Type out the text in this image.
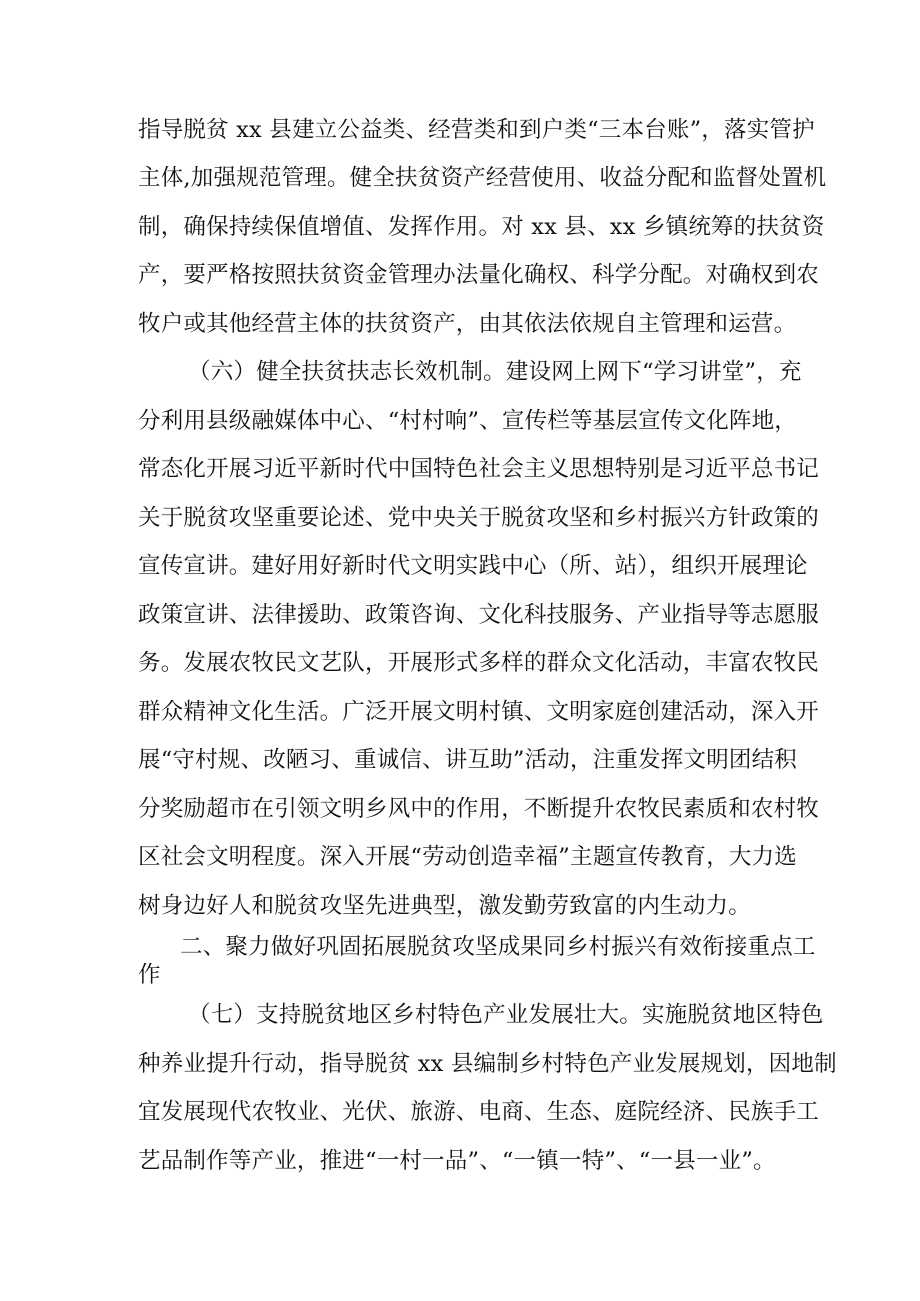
指导脱贫 xx 县建立公益类、经营类和到户类“三本台账”，落实管护
主体,加强规范管理。健全扶贫资产经营使用、收益分配和监督处置机
制，确保持续保值增值、发挥作用。对 xx 县、xx 乡镇统筹的扶贫资
产，要严格按照扶贫资金管理办法量化确权、科学分配。对确权到农
牧户或其他经营主体的扶贫资产，由其依法依规自主管理和运营。
（六）健全扶贫扶志长效机制。建设网上网下“学习讲堂”，充
分利用县级融媒体中心、“村村响”、宣传栏等基层宣传文化阵地，
常态化开展习近平新时代中国特色社会主义思想特别是习近平总书记
关于脱贫攻坚重要论述、党中央关于脱贫攻坚和乡村振兴方针政策的
宣传宣讲。建好用好新时代文明实践中心（所、站），组织开展理论
政策宣讲、法律援助、政策咨询、文化科技服务、产业指导等志愿服
务。发展农牧民文艺队，开展形式多样的群众文化活动，丰富农牧民
群众精神文化生活。广泛开展文明村镇、文明家庭创建活动，深入开
展“守村规、改陋习、重诚信、讲互助”活动，注重发挥文明团结积
分奖励超市在引领文明乡风中的作用，不断提升农牧民素质和农村牧
区社会文明程度。深入开展“劳动创造幸福”主题宣传教育，大力选
树身边好人和脱贫攻坚先进典型，激发勤劳致富的内生动力。
二、聚力做好巩固拓展脱贫攻坚成果同乡村振兴有效衔接重点工
作
（七）支持脱贫地区乡村特色产业发展壮大。实施脱贫地区特色
种养业提升行动，指导脱贫 xx 县编制乡村特色产业发展规划，因地制
宜发展现代农牧业、光伏、旅游、电商、生态、庭院经济、民族手工
艺品制作等产业，推进“一村一品”、“一镇一特”、“一县一业”。
